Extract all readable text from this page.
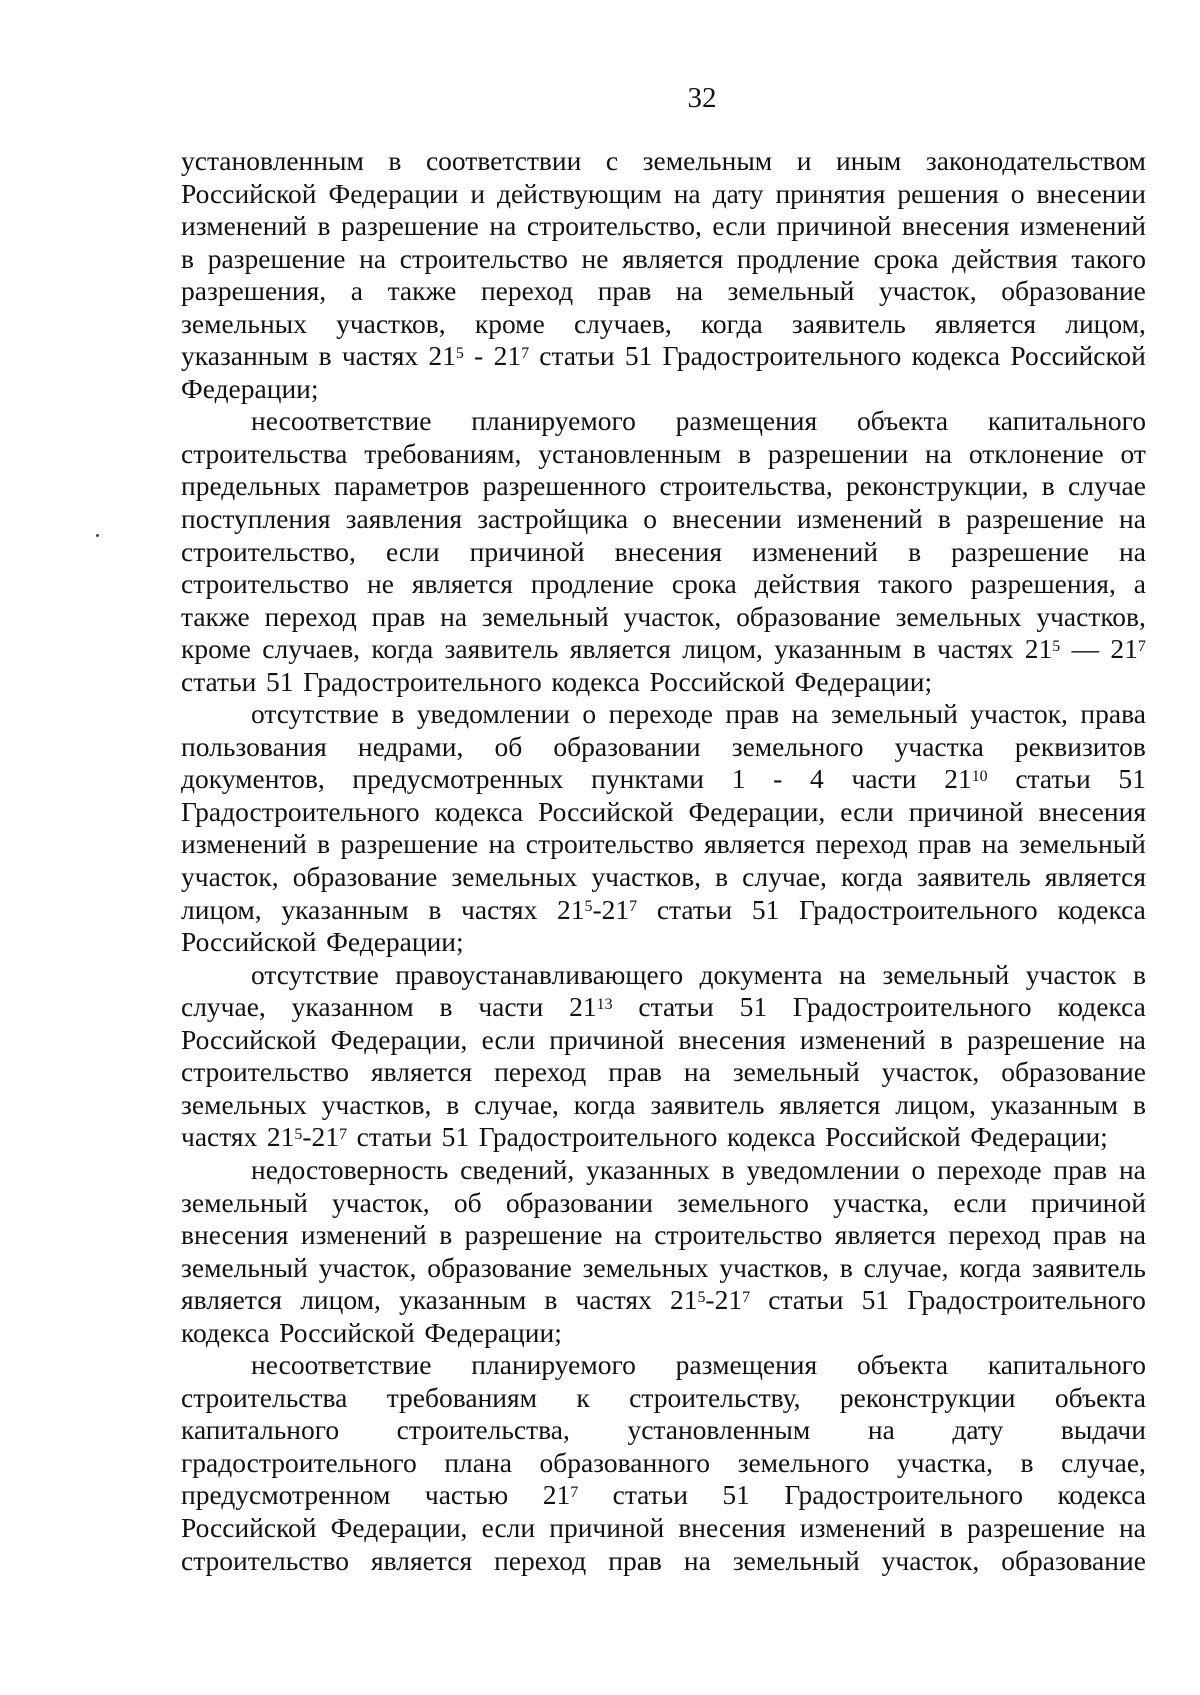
32
установленным в соответствии с земельным и иным законодательством
Российской Федерации и действующим на дату принятия решения о внесении
изменений в разрешение на строительство, если причиной внесения изменений
в разрешение на строительство не является продление срока действия такого
разрешения, а также переход прав на земельный участок, образование
земельных участков, кроме случаев, когда заявитель является лицом,
указанным в частях $21^5 - 21^7$ статьи 51 Градостроительного кодекса Российской
Федерации;
несоответствие планируемого размещения объекта капитального
строительства требованиям, установленным в разрешении на отклонение от
предельных параметров разрешенного строительства, реконструкции, в случае
поступления заявления застройщика о внесении изменений в разрешение на
строительство, если причиной внесения изменений в разрешение на
строительство не является продление срока действия такого разрешения, а
также переход прав на земельный участок, образование земельных участков,
кроме случаев, когда заявитель является лицом, указанным в частях $21^5$ — $21^7$
статьи 51 Градостроительного кодекса Российской Федерации;
отсутствие в уведомлении о переходе прав на земельный участок, права
пользования недрами, об образовании земельного участка реквизитов
документов, предусмотренных пунктами 1 - 4 части $21^{10}$ статьи 51
Градостроительного кодекса Российской Федерации, если причиной внесения
изменений в разрешение на строительство является переход прав на земельный
участок, образование земельных участков, в случае, когда заявитель является
лицом, указанным в частях $21^5-21^7$ статьи 51 Градостроительного кодекса
Российской Федерации;
отсутствие правоустанавливающего документа на земельный участок в
случае, указанном в части $21^{13}$ статьи 51 Градостроительного кодекса
Российской Федерации, если причиной внесения изменений в разрешение на
строительство является переход прав на земельный участок, образование
земельных участков, в случае, когда заявитель является лицом, указанным в
частях $21^5-21^7$ статьи 51 Градостроительного кодекса Российской Федерации;
недостоверность сведений, указанных в уведомлении о переходе прав на
земельный участок, об образовании земельного участка, если причиной
внесения изменений в разрешение на строительство является переход прав на
земельный участок, образование земельных участков, в случае, когда заявитель
является лицом, указанным в частях $21^5-21^7$ статьи 51 Градостроительного
кодекса Российской Федерации;
несоответствие планируемого размещения объекта капитального
строительства требованиям к строительству, реконструкции объекта
капитального строительства, установленным на дату выдачи
градостроительного плана образованного земельного участка, в случае,
предусмотренном частью $21^7$ статьи 51 Градостроительного кодекса
Российской Федерации, если причиной внесения изменений в разрешение на
строительство является переход прав на земельный участок, образование
